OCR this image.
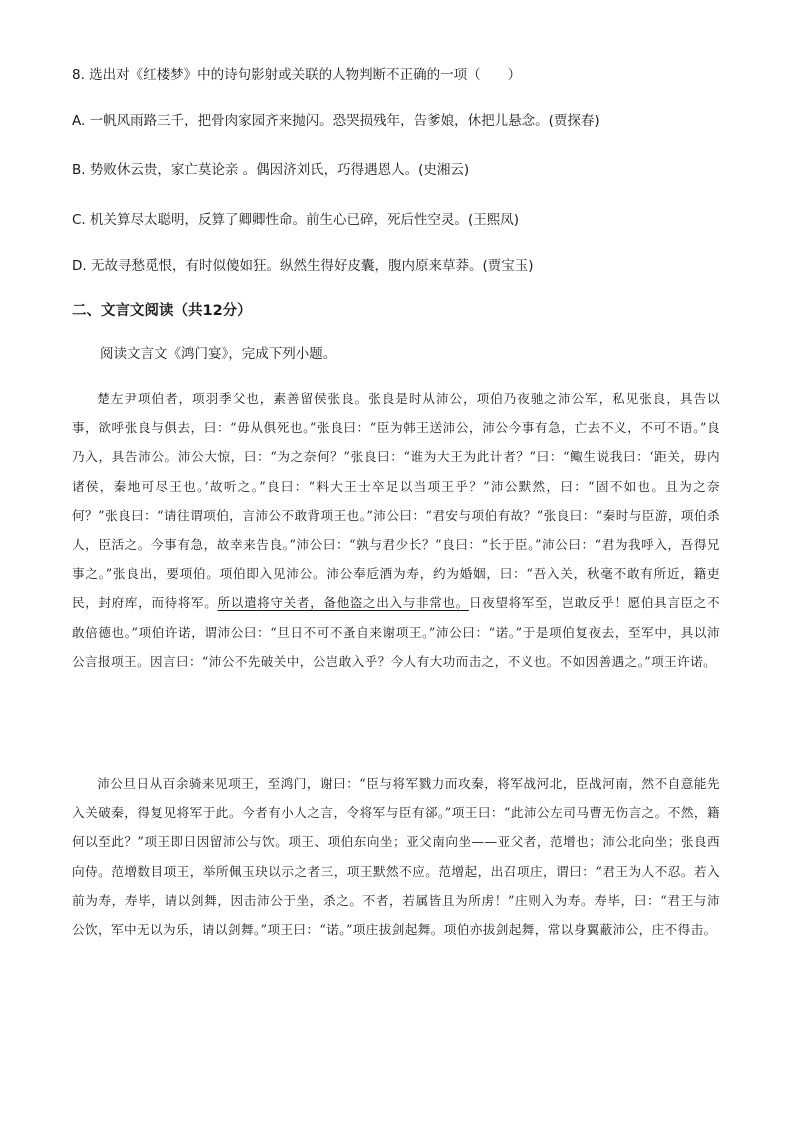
8. 选出对《红楼梦》中的诗句影射或关联的人物判断不正确的一项（　　）
A. 一帆风雨路三千，把骨肉家园齐来抛闪。恐哭损残年，告爹娘，休把儿悬念。(贾探春)
B. 势败休云贵，家亡莫论亲 。偶因济刘氏，巧得遇恩人。(史湘云)
C. 机关算尽太聪明，反算了卿卿性命。前生心已碎，死后性空灵。(王熙凤)
D. 无故寻愁觅恨，有时似傻如狂。纵然生得好皮囊，腹内原来草莽。(贾宝玉)
二、文言文阅读（共12分）
阅读文言文《鸿门宴》，完成下列小题。

楚左尹项伯者，项羽季父也，素善留侯张良。张良是时从沛公，项伯乃夜驰之沛公军，私见张良，具告以事，欲呼张良与俱去，曰：“毋从俱死也。”张良曰：“臣为韩王送沛公，沛公今事有急，亡去不义，不可不语。”良乃入，具告沛公。沛公大惊，曰：“为之奈何？”张良曰：“谁为大王为此计者？”曰：“鲰生说我曰：‘距关，毋内诸侯，秦地可尽王也。’故听之。”良曰：“料大王士卒足以当项王乎？”沛公默然，曰：“固不如也。且为之奈何？”张良曰：“请往谓项伯，言沛公不敢背项王也。”沛公曰：“君安与项伯有故？”张良曰：“秦时与臣游，项伯杀人，臣活之。今事有急，故幸来告良。”沛公曰：“孰与君少长？”良曰：“长于臣。”沛公曰：“君为我呼入，吾得兄事之。”张良出，要项伯。项伯即入见沛公。沛公奉卮酒为寿，约为婚姻，曰：“吾入关，秋毫不敢有所近，籍吏民，封府库，而待将军。所以遣将守关者，备他盗之出入与非常也。日夜望将军至，岂敢反乎！愿伯具言臣之不敢倍德也。”项伯许诺，谓沛公曰：“旦日不可不蚤自来谢项王。”沛公曰：“诺。”于是项伯复夜去，至军中，具以沛公言报项王。因言曰：“沛公不先破关中，公岂敢入乎？今人有大功而击之，不义也。不如因善遇之。”项王许诺。

沛公旦日从百余骑来见项王，至鸿门，谢曰：“臣与将军戮力而攻秦，将军战河北，臣战河南，然不自意能先入关破秦，得复见将军于此。今者有小人之言，令将军与臣有郤。”项王曰：“此沛公左司马曹无伤言之。不然，籍何以至此？”项王即日因留沛公与饮。项王、项伯东向坐；亚父南向坐——亚父者，范增也；沛公北向坐；张良西向侍。范增数目项王，举所佩玉玦以示之者三，项王默然不应。范增起，出召项庄，谓曰：“君王为人不忍。若入前为寿，寿毕，请以剑舞，因击沛公于坐，杀之。不者，若属皆且为所虏！”庄则入为寿。寿毕，曰：“君王与沛公饮，军中无以为乐，请以剑舞。”项王曰：“诺。”项庄拔剑起舞。项伯亦拔剑起舞，常以身翼蔽沛公，庄不得击。
